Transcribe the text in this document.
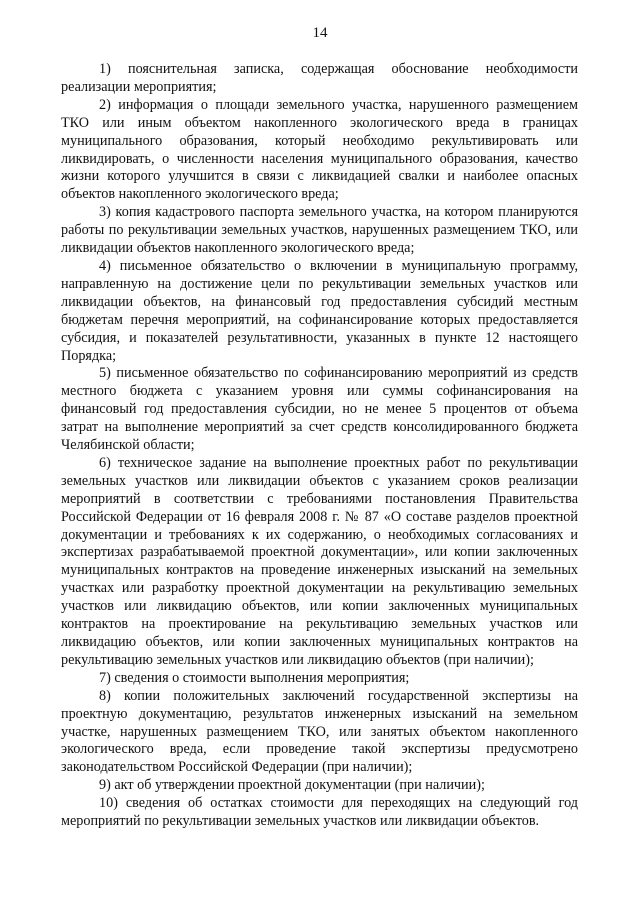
14

1) пояснительная записка, содержащая обоснование необходимости реализации мероприятия;

2) информация о площади земельного участка, нарушенного размещением ТКО или иным объектом накопленного экологического вреда в границах муниципального образования, который необходимо рекультивировать или ликвидировать, о численности населения муниципального образования, качество жизни которого улучшится в связи с ликвидацией свалки и наиболее опасных объектов накопленного экологического вреда;

3) копия кадастрового паспорта земельного участка, на котором планируются работы по рекультивации земельных участков, нарушенных размещением ТКО, или ликвидации объектов накопленного экологического вреда;

4) письменное обязательство о включении в муниципальную программу, направленную на достижение цели по рекультивации земельных участков или ликвидации объектов, на финансовый год предоставления субсидий местным бюджетам перечня мероприятий, на софинансирование которых предоставляется субсидия, и показателей результативности, указанных в пункте 12 настоящего Порядка;

5) письменное обязательство по софинансированию мероприятий из средств местного бюджета с указанием уровня или суммы софинансирования на финансовый год предоставления субсидии, но не менее 5 процентов от объема затрат на выполнение мероприятий за счет средств консолидированного бюджета Челябинской области;

6) техническое задание на выполнение проектных работ по рекультивации земельных участков или ликвидации объектов с указанием сроков реализации мероприятий в соответствии с требованиями постановления Правительства Российской Федерации от 16 февраля 2008 г. № 87 «О составе разделов проектной документации и требованиях к их содержанию, о необходимых согласованиях и экспертизах разрабатываемой проектной документации», или копии заключенных муниципальных контрактов на проведение инженерных изысканий на земельных участках или разработку проектной документации на рекультивацию земельных участков или ликвидацию объектов, или копии заключенных муниципальных контрактов на проектирование на рекультивацию земельных участков или ликвидацию объектов, или копии заключенных муниципальных контрактов на рекультивацию земельных участков или ликвидацию объектов (при наличии);

7) сведения о стоимости выполнения мероприятия;

8) копии положительных заключений государственной экспертизы на проектную документацию, результатов инженерных изысканий на земельном участке, нарушенных размещением ТКО, или занятых объектом накопленного экологического вреда, если проведение такой экспертизы предусмотрено законодательством Российской Федерации (при наличии);

9) акт об утверждении проектной документации (при наличии);

10) сведения об остатках стоимости для переходящих на следующий год мероприятий по рекультивации земельных участков или ликвидации объектов.
